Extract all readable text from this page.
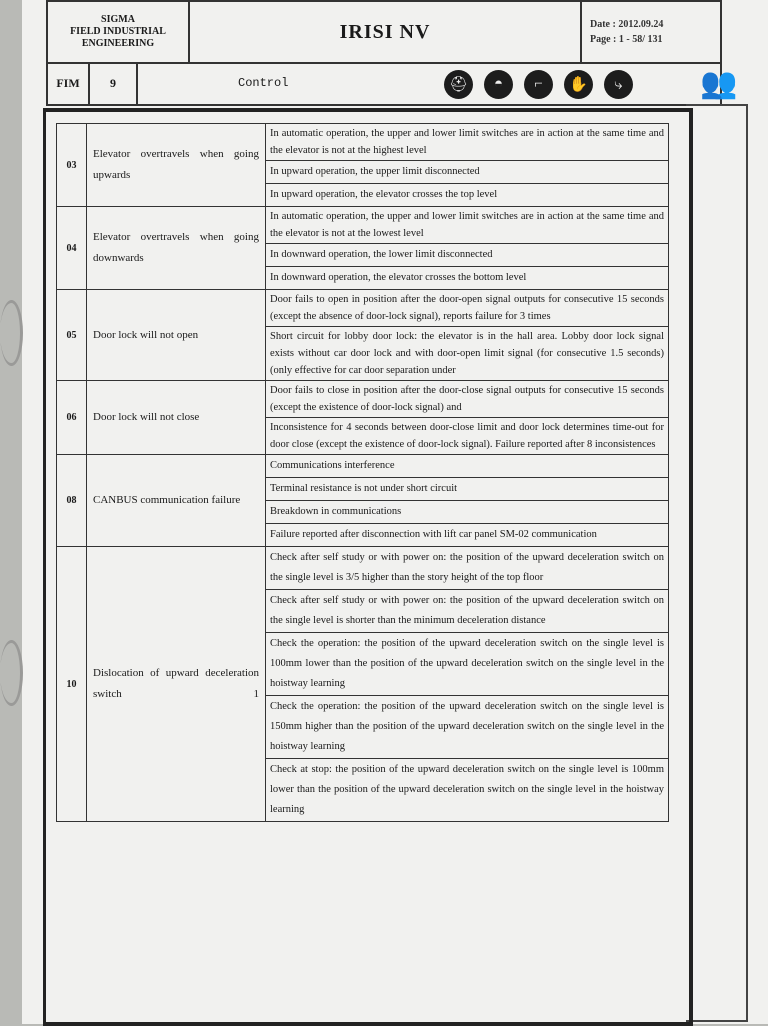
SIGMA
FIELD INDUSTRIAL
ENGINEERING
	IRISI NV	Date : 2012.09.24
Page : 1 - 58/ 131
FIM	9	Control	⛑	◓	⌐	✋	⤷	👥
03	Elevator overtravels when going upwards	In automatic operation, the upper and lower limit switches are in action at the same time and the elevator is not at the highest level
		In upward operation, the upper limit disconnected
		In upward operation, the elevator crosses the top level
04	Elevator overtravels when going downwards	In automatic operation, the upper and lower limit switches are in action at the same time and the elevator is not at the lowest level
		In downward operation, the lower limit disconnected
		In downward operation, the elevator crosses the bottom level
05	Door lock will not open	Door fails to open in position after the door-open signal outputs for consecutive 15 seconds (except the absence of door-lock signal), reports failure for 3 times
		Short circuit for lobby door lock: the elevator is in the hall area. Lobby door lock signal exists without car door lock and with door-open limit signal (for consecutive 1.5 seconds) (only effective for car door separation under
06	Door lock will not close	Door fails to close in position after the door-close signal outputs for consecutive 15 seconds (except the existence of door-lock signal) and
		Inconsistence for 4 seconds between door-close limit and door lock determines time-out for door close (except the existence of door-lock signal). Failure reported after 8 inconsistences
08	CANBUS communication failure	Communications interference
		Terminal resistance is not under short circuit
		Breakdown in communications
		Failure reported after disconnection with lift car panel SM-02 communication
10	Dislocation of upward deceleration switch 1	Check after self study or with power on: the position of the upward deceleration switch on the single level is 3/5 higher than the story height of the top floor
		Check after self study or with power on: the position of the upward deceleration switch on the single level is shorter than the minimum deceleration distance
		Check the operation: the position of the upward deceleration switch on the single level is 100mm lower than the position of the upward deceleration switch on the single level in the hoistway learning
		Check the operation: the position of the upward deceleration switch on the single level is 150mm higher than the position of the upward deceleration switch on the single level in the hoistway learning
		Check at stop: the position of the upward deceleration switch on the single level is 100mm lower than the position of the upward deceleration switch on the single level in the hoistway learning
